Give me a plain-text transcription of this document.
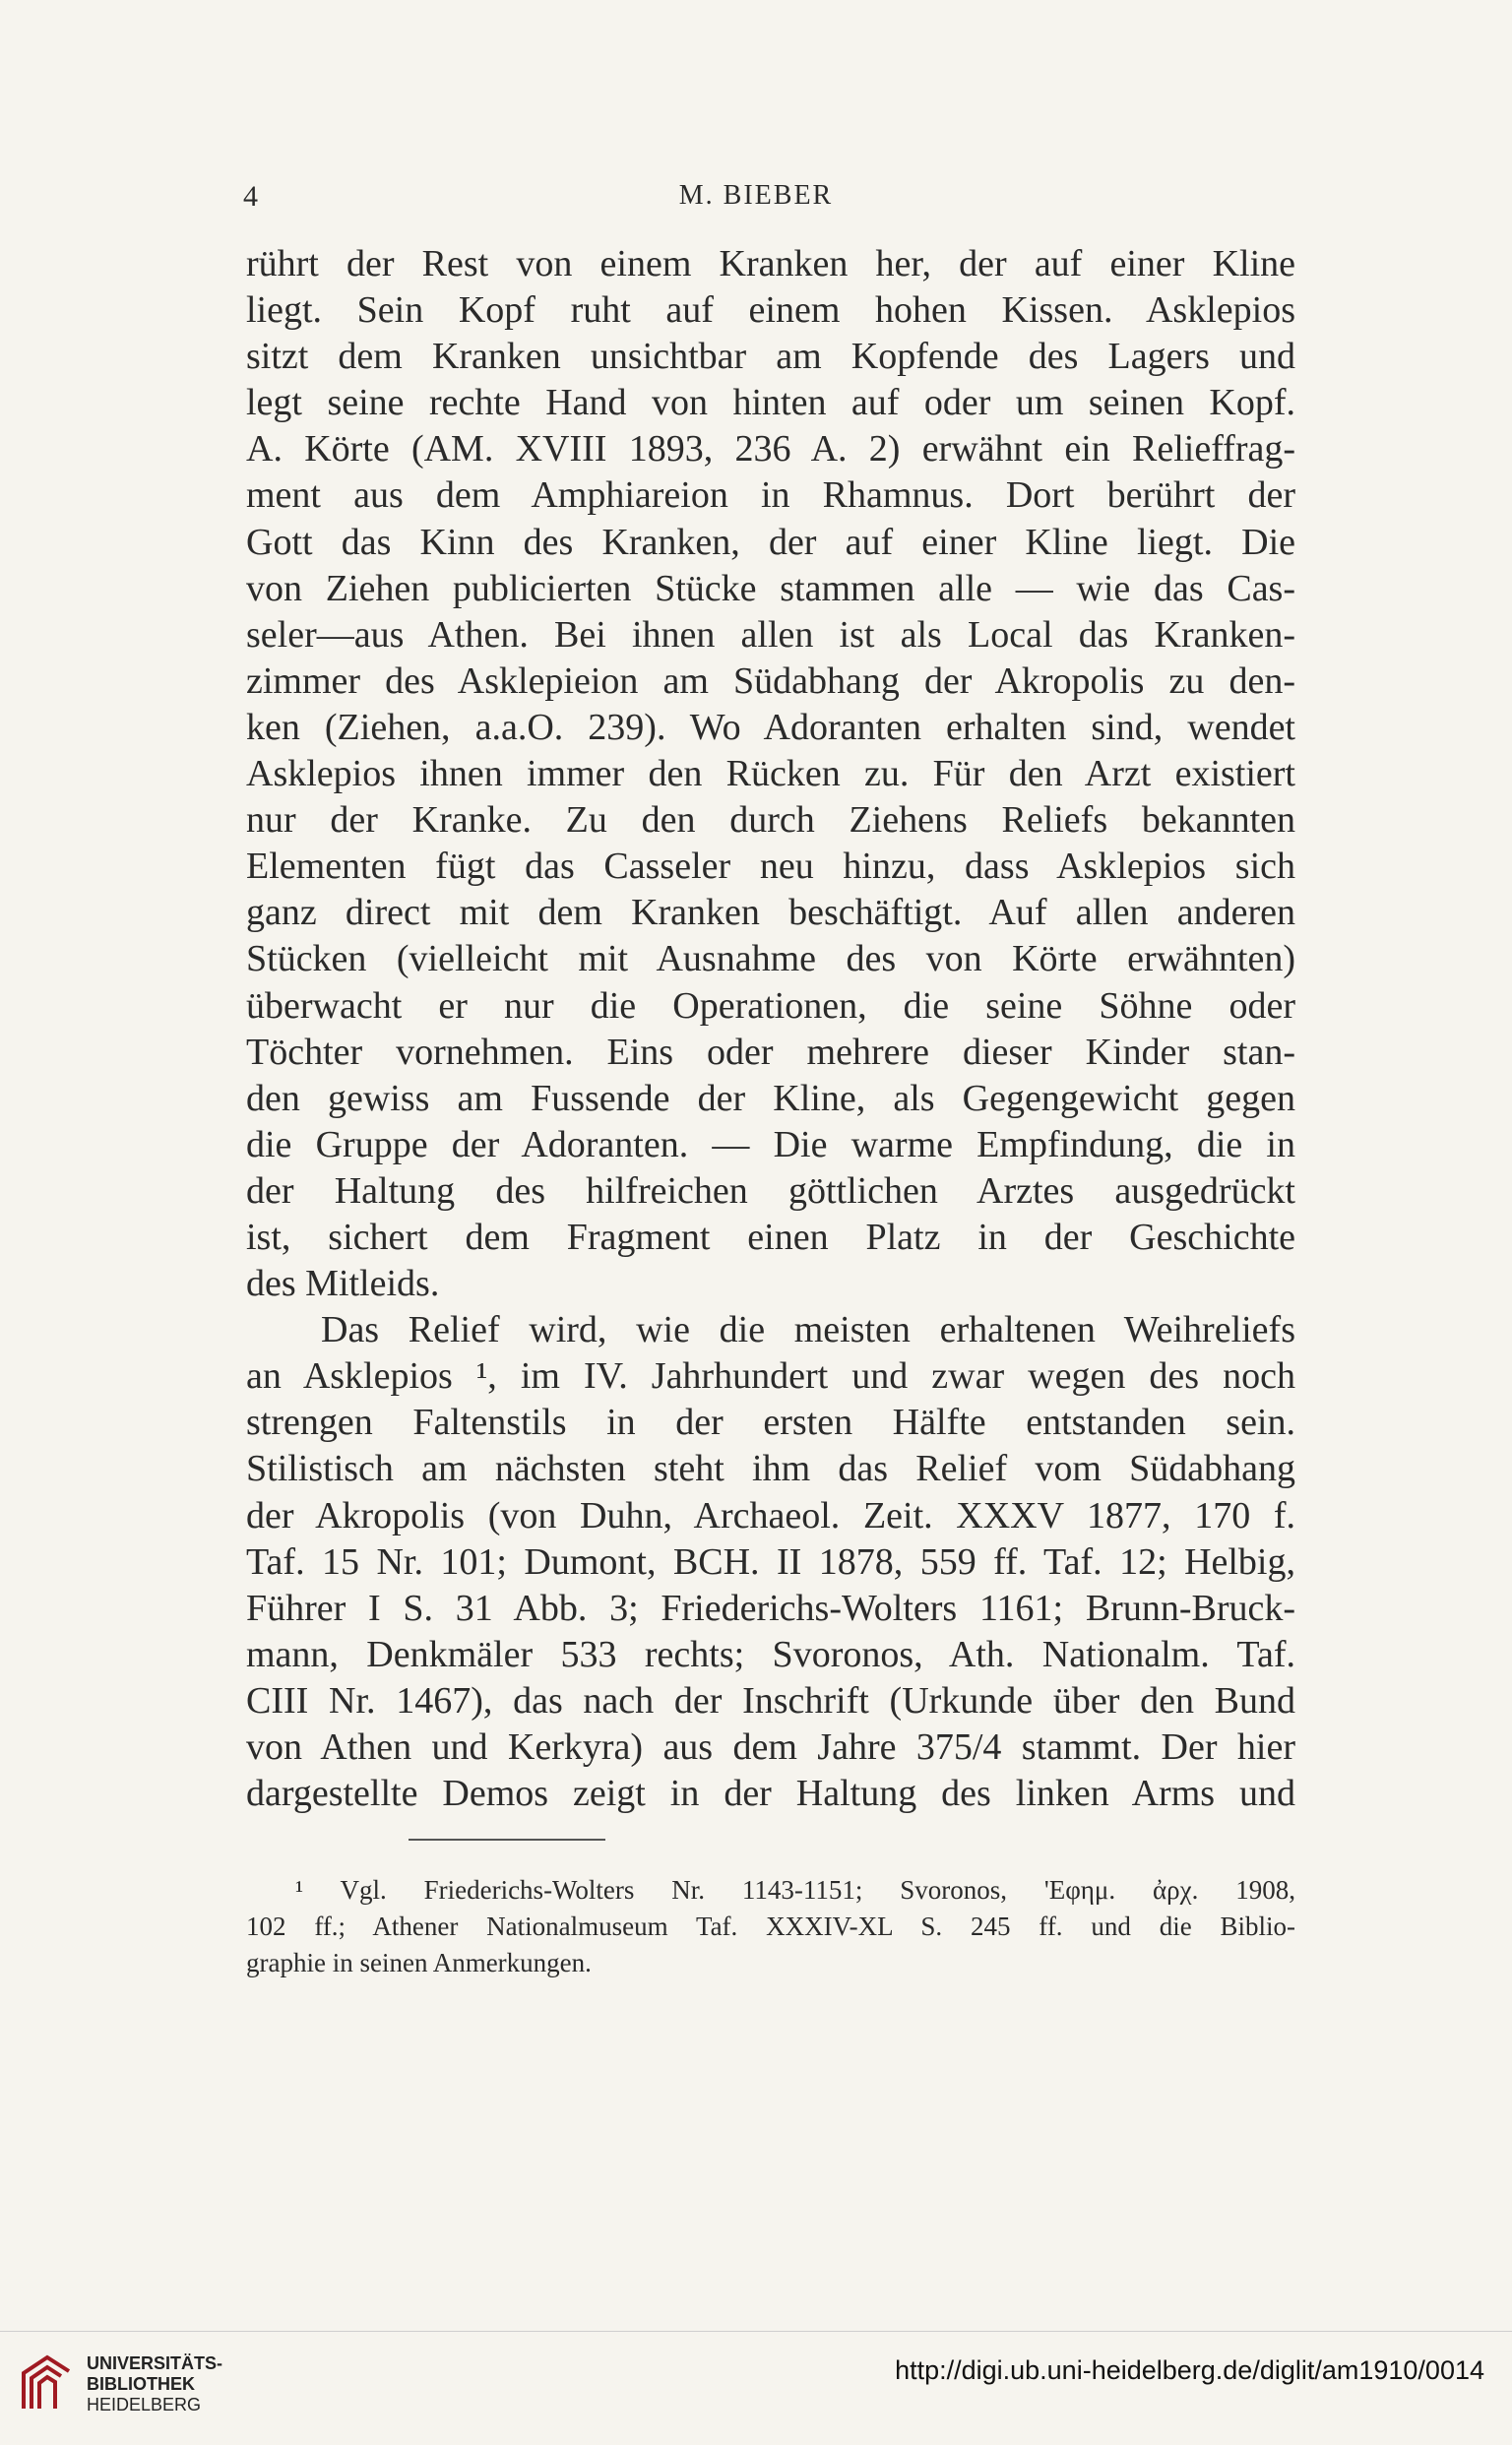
4	M. BIEBER
rührt der Rest von einem Kranken her, der auf einer Kline
liegt. Sein Kopf ruht auf einem hohen Kissen. Asklepios
sitzt dem Kranken unsichtbar am Kopfende des Lagers und
legt seine rechte Hand von hinten auf oder um seinen Kopf.
A. Körte (AM. XVIII 1893, 236 A. 2) erwähnt ein Relieffrag-
ment aus dem Amphiareion in Rhamnus. Dort berührt der
Gott das Kinn des Kranken, der auf einer Kline liegt. Die
von Ziehen publicierten Stücke stammen alle — wie das Cas-
seler—aus Athen. Bei ihnen allen ist als Local das Kranken-
zimmer des Asklepieion am Südabhang der Akropolis zu den-
ken (Ziehen, a.a.O. 239). Wo Adoranten erhalten sind, wendet
Asklepios ihnen immer den Rücken zu. Für den Arzt existiert
nur der Kranke. Zu den durch Ziehens Reliefs bekannten
Elementen fügt das Casseler neu hinzu, dass Asklepios sich
ganz direct mit dem Kranken beschäftigt. Auf allen anderen
Stücken (vielleicht mit Ausnahme des von Körte erwähnten)
überwacht er nur die Operationen, die seine Söhne oder
Töchter vornehmen. Eins oder mehrere dieser Kinder stan-
den gewiss am Fussende der Kline, als Gegengewicht gegen
die Gruppe der Adoranten. — Die warme Empfindung, die in
der Haltung des hilfreichen göttlichen Arztes ausgedrückt
ist, sichert dem Fragment einen Platz in der Geschichte
des Mitleids.
Das Relief wird, wie die meisten erhaltenen Weihreliefs
an Asklepios ¹, im IV. Jahrhundert und zwar wegen des noch
strengen Faltenstils in der ersten Hälfte entstanden sein.
Stilistisch am nächsten steht ihm das Relief vom Südabhang
der Akropolis (von Duhn, Archaeol. Zeit. XXXV 1877, 170 f.
Taf. 15 Nr. 101; Dumont, BCH. II 1878, 559 ff. Taf. 12; Helbig,
Führer I S. 31 Abb. 3; Friederichs-Wolters 1161; Brunn-Bruck-
mann, Denkmäler 533 rechts; Svoronos, Ath. Nationalm. Taf.
CIII Nr. 1467), das nach der Inschrift (Urkunde über den Bund
von Athen und Kerkyra) aus dem Jahre 375/4 stammt. Der hier
dargestellte Demos zeigt in der Haltung des linken Arms und
¹ Vgl. Friederichs-Wolters Nr. 1143-1151; Svoronos, 'Εφημ. ἀρχ. 1908,
102 ff.; Athener Nationalmuseum Taf. XXXIV-XL S. 245 ff. und die Biblio-
graphie in seinen Anmerkungen.
UNIVERSITÄTS-
BIBLIOTHEK
HEIDELBERG
http://digi.ub.uni-heidelberg.de/diglit/am1910/0014
